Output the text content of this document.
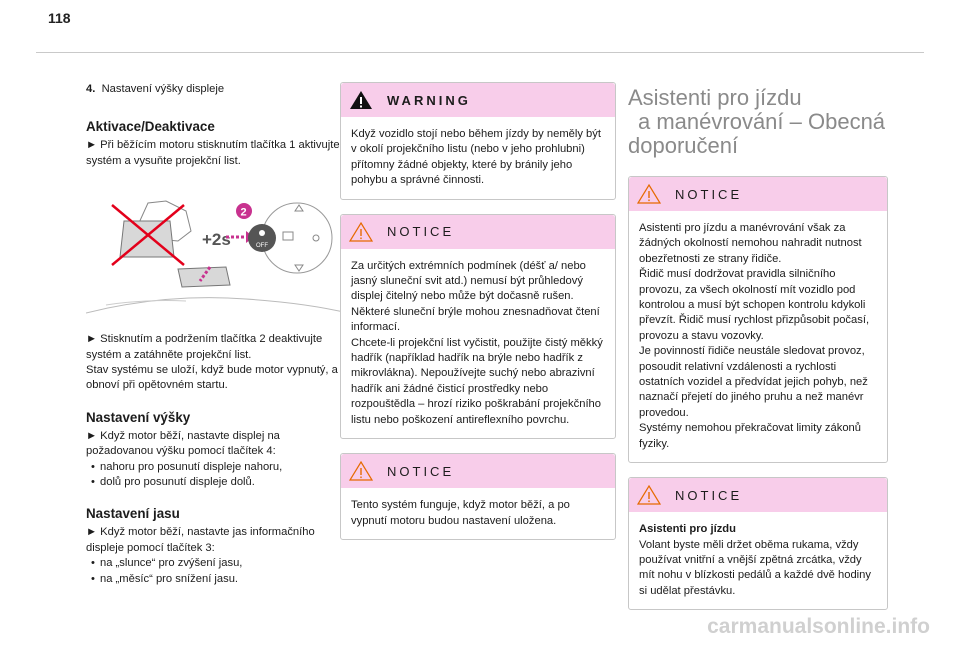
118
4. Nastavení výšky displeje
Aktivace/Deaktivace
► Při běžícím motoru stisknutím tlačítka 1 aktivujte systém a vysuňte projekční list.
+2s	OFF
2
► Stisknutím a podržením tlačítka 2 deaktivujte systém a zatáhněte projekční list.
Stav systému se uloží, když bude motor vypnutý, a obnoví při opětovném startu.
Nastavení výšky
► Když motor běží, nastavte displej na požadovanou výšku pomocí tlačítek 4:
• nahoru pro posunutí displeje nahoru,
• dolů pro posunutí displeje dolů.
Nastavení jasu
► Když motor běží, nastavte jas informačního displeje pomocí tlačítek 3:
• na „slunce“ pro zvýšení jasu,
• na „měsíc“ pro snížení jasu.
WARNING
Když vozidlo stojí nebo během jízdy by neměly být v okolí projekčního listu (nebo v jeho prohlubni) přítomny žádné objekty, které by bránily jeho pohybu a správné činnosti.
NOTICE
Za určitých extrémních podmínek (déšť a/ nebo jasný sluneční svit atd.) nemusí být průhledový displej čitelný nebo může být dočasně rušen.
Některé sluneční brýle mohou znesnadňovat čtení informací.
Chcete-li projekční list vyčistit, použijte čistý měkký hadřík (například hadřík na brýle nebo hadřík z mikrovlákna). Nepoužívejte suchý nebo abrazivní hadřík ani žádné čisticí prostředky nebo rozpouštědla – hrozí riziko poškrabání projekčního listu nebo poškození antireflexního povrchu.
NOTICE
Tento systém funguje, když motor běží, a po vypnutí motoru budou nastavení uložena.
Asistenti pro jízdu
a manévrování – Obecná
doporučení
NOTICE
Asistenti pro jízdu a manévrování však za žádných okolností nemohou nahradit nutnost obezřetnosti ze strany řidiče.
Řidič musí dodržovat pravidla silničního provozu, za všech okolností mít vozidlo pod kontrolou a musí být schopen kontrolu kdykoli převzít. Řidič musí rychlost přizpůsobit počasí, provozu a stavu vozovky.
Je povinností řidiče neustále sledovat provoz, posoudit relativní vzdálenosti a rychlosti ostatních vozidel a předvídat jejich pohyb, než naznačí přejetí do jiného pruhu a než manévr provedou.
Systémy nemohou překračovat limity zákonů fyziky.
NOTICE
Asistenti pro jízdu
Volant byste měli držet oběma rukama, vždy používat vnitřní a vnější zpětná zrcátka, vždy mít nohu v blízkosti pedálů a každé dvě hodiny si udělat přestávku.
carmanualsonline.info
